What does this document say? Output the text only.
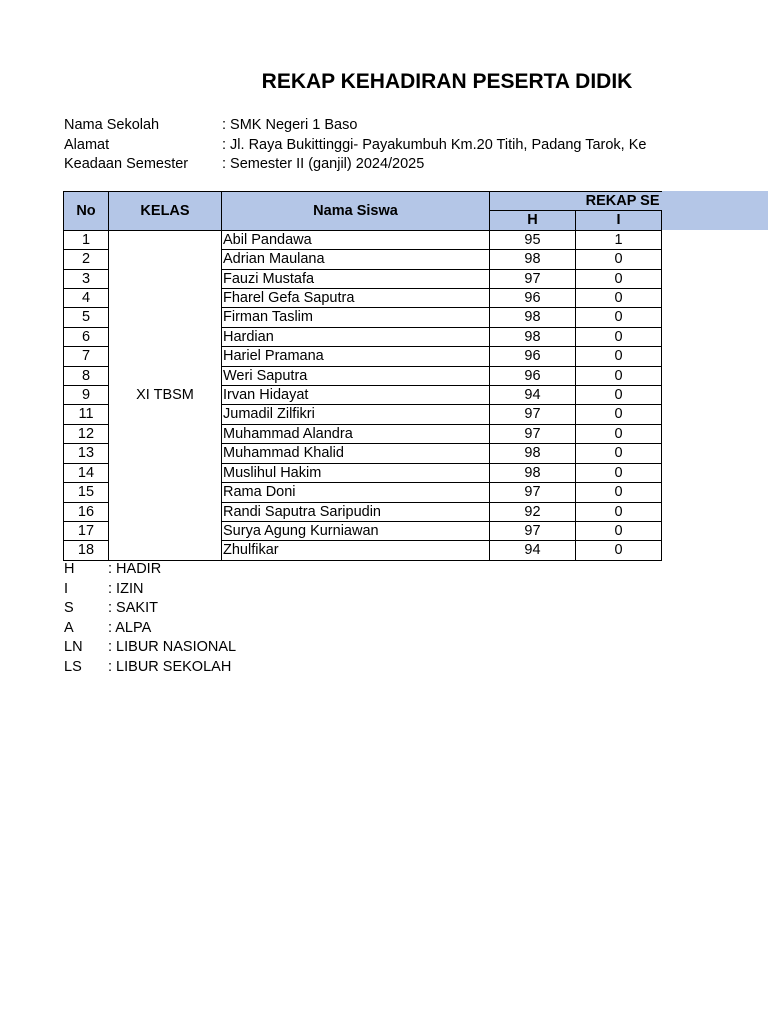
REKAP KEHADIRAN PESERTA DIDIK
Nama Sekolah	: SMK Negeri 1 Baso
Alamat	: Jl. Raya Bukittinggi- Payakumbuh Km.20 Titih, Padang Tarok, Ke
Keadaan Semester : Semester II (ganjil) 2024/2025
No	KELAS	Nama Siswa	REKAP SE	
			H	I
1	XI TBSM	Abil Pandawa	95	1
2		Adrian Maulana	98	0
3		Fauzi Mustafa	97	0
4		Fharel Gefa Saputra	96	0
5		Firman Taslim	98	0
6		Hardian	98	0
7		Hariel Pramana	96	0
8		Weri Saputra	96	0
9		Irvan Hidayat	94	0
11		Jumadil Zilfikri	97	0
12		Muhammad Alandra	97	0
13		Muhammad Khalid	98	0
14		Muslihul Hakim	98	0
15		Rama Doni	97	0
16		Randi Saputra Saripudin	92	0
17		Surya Agung Kurniawan	97	0
18		Zhulfikar	94	0
H : HADIR
I	: IZIN
S : SAKIT
A : ALPA
LN : LIBUR NASIONAL
LS : LIBUR SEKOLAH
